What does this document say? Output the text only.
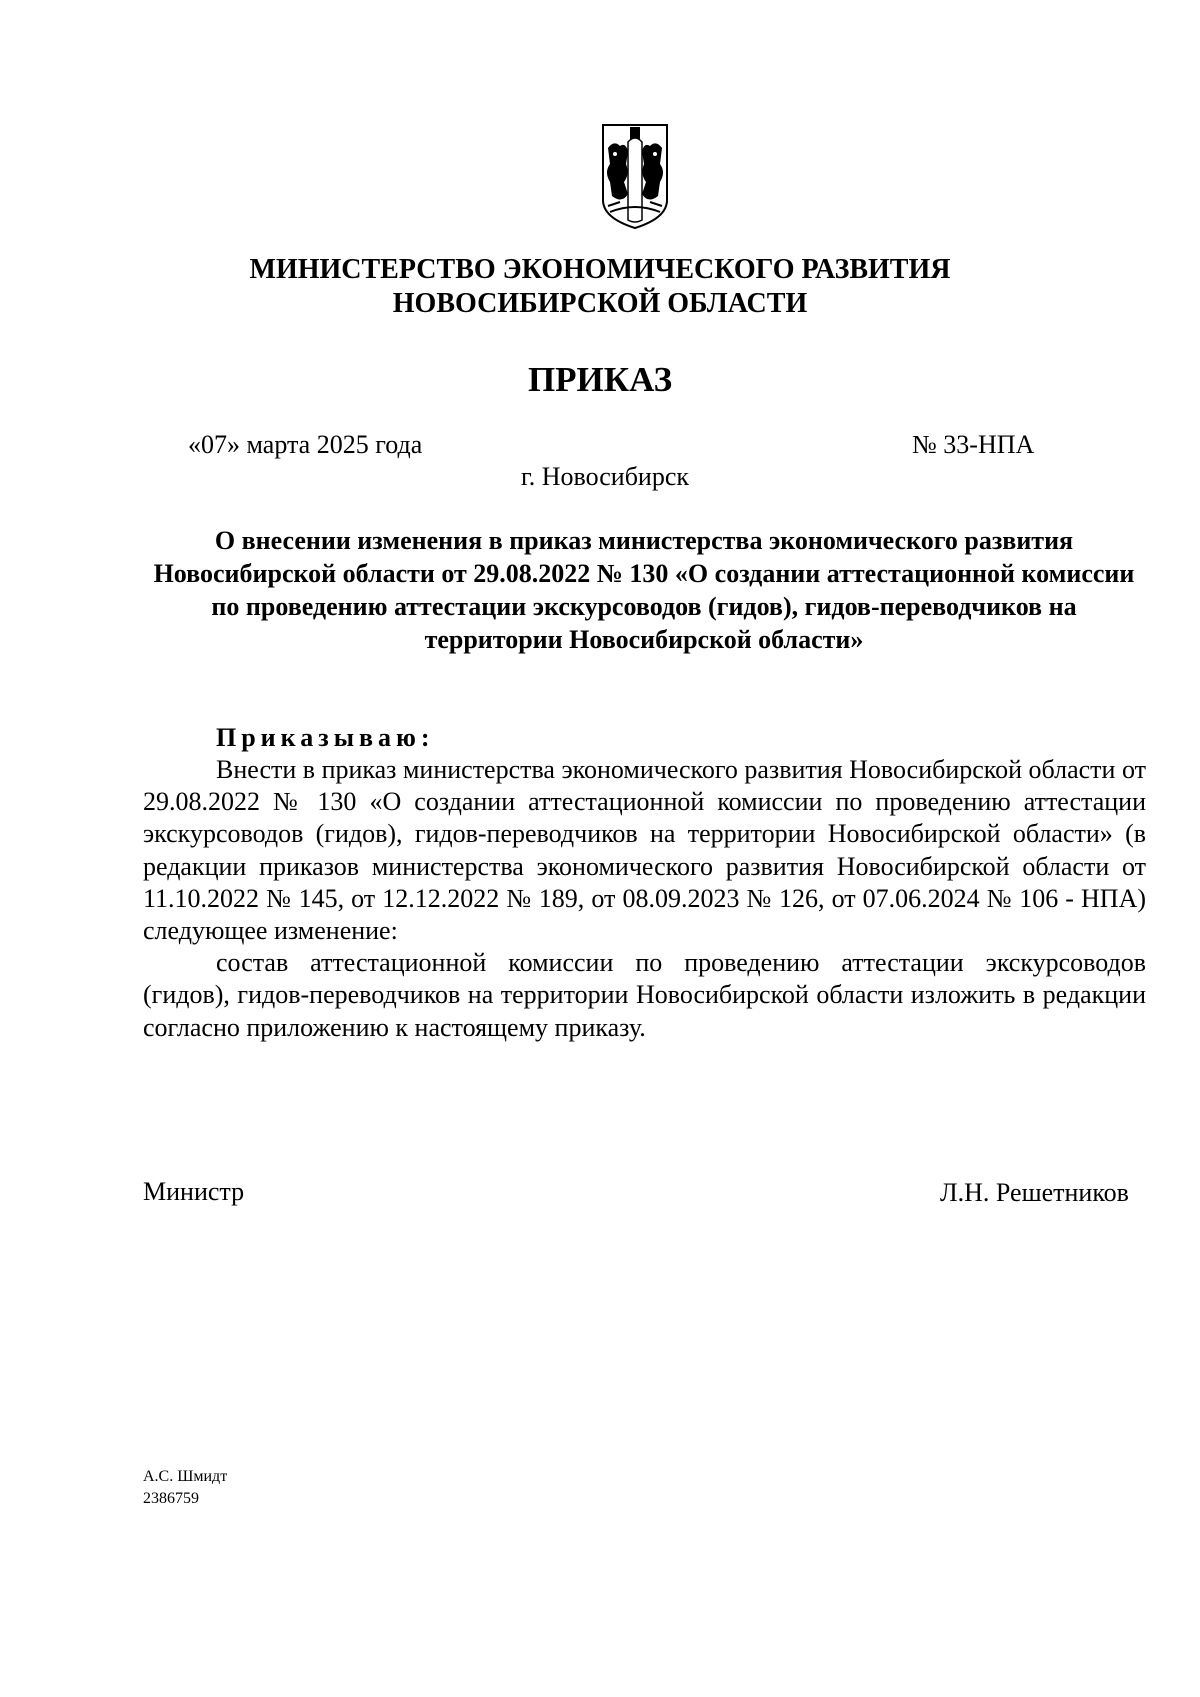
МИНИСТЕРСТВО ЭКОНОМИЧЕСКОГО РАЗВИТИЯ
НОВОСИБИРСКОЙ ОБЛАСТИ
ПРИКАЗ
«07» марта 2025 года	№ 33-НПА
г. Новосибирск
О внесении изменения в приказ министерства экономического развития Новосибирской области от 29.08.2022 № 130 «О создании аттестационной комиссии по проведению аттестации экскурсоводов (гидов), гидов-переводчиков на территории Новосибирской области»
Приказываю:

Внести в приказ министерства экономического развития Новосибирской области от 29.08.2022 № 130 «О создании аттестационной комиссии по проведению аттестации экскурсоводов (гидов), гидов-переводчиков на территории Новосибирской области» (в редакции приказов министерства экономического развития Новосибирской области от 11.10.2022 № 145, от 12.12.2022 № 189, от 08.09.2023 № 126, от 07.06.2024 № 106 - НПА) следующее изменение:

состав аттестационной комиссии по проведению аттестации экскурсоводов (гидов), гидов-переводчиков на территории Новосибирской области изложить в редакции согласно приложению к настоящему приказу.

Министр	Л.Н. Решетников
А.С. Шмидт
2386759
